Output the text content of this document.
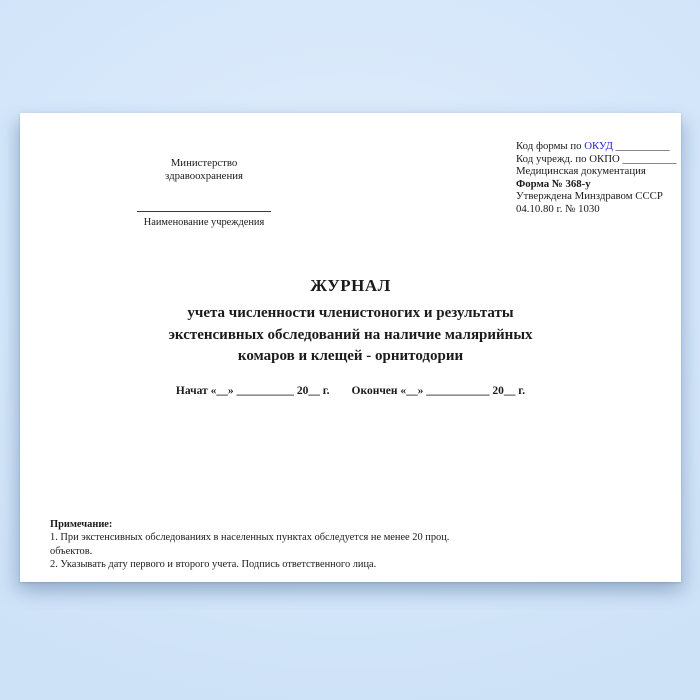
Министерство здравоохранения
Наименование учреждения
Код формы по ОКУД __________
Код учрежд. по ОКПО __________
Медицинская документация
Форма № 368-у
Утверждена Минздравом СССР
04.10.80 г. № 1030
ЖУРНАЛ
учета численности членистоногих и результаты
экстенсивных обследований на наличие малярийных
комаров и клещей - орнитодории
Начат «__» __________ 20__ г. Окончен «__» ___________ 20__ г.
Примечание:
1. При экстенсивных обследованиях в населенных пунктах обследуется не менее 20 проц. объектов.
2. Указывать дату первого и второго учета. Подпись ответственного лица.
